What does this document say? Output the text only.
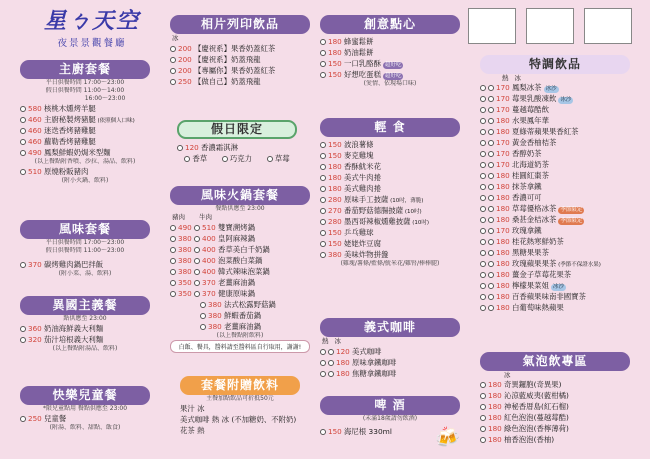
星ㄅ天空
夜景景觀餐廳
主廚套餐
平日供餐時間 17:00〜23:00
假日供餐時間 11:00〜14:00
16:00〜23:00
580 核桃木燻烤羊腿
460 主廚秘製烤豬腿 (依照個人口味)
460 迷迭香烤豬雞腿
460 蘿勒香烤豬雞腿
490 鳳梨鮮蝦奶焗米型麵
(以上餐點附香噴、沙拉、湯品、飲料)
510 原燒粉販豬肉
(附小火鍋、飲料)
風味套餐
平日供餐時間 17:00〜23:00
假日供餐時間 11:00〜23:00
370 碳烤雞肉鍋巴拌飯
(附小菜、湯、飲料)
異國主義餐
點供應至 23:00
360 奶油海鮮義大利麵
320 茄汁培根義大利麵
(以上餐點附湯品、飲料)
快樂兒童餐
*限兒童點用 餐點供應至 23:00
250 兒童餐
(附湯、飲料、甜點、飯食)
相片列印飲品
冰
200 【慶祝系】果香奶蓋紅茶
200 【慶祝系】奶蓋飛龍
200 【專屬你】果香奶蓋紅茶
250 【做自己】奶蓋飛龍
假日限定
120 香濃霜淇淋
香草	巧克力	草莓
風味火鍋套餐
餐點供應至 23:00
豬肉 牛肉
490	510 雙寶溯烤鍋
380	400 皇阿麻辣鍋
380	400 香草美白千奶鍋
380	400 泡菜酸白菜鍋
380	400 韓式辣味泡菜鍋
350	370 老薑麻油鍋
350	370 健康原味鍋
380 法式松露野菇鍋
380 鮮蝦番茄鍋
380 老薑麻油鍋
(以上餐點附飲料)
白飯、餐具，醬料請至醬料區自行取用，謝謝!
套餐附贈飲料
主餐加點飲品可折抵50元
果汁 冰
美式咖啡 熱 冰 (不加糖奶、不附奶)
花茶 熱
創意點心
180 蜂蜜鬆餅
180 奶油鬆餅
150 一口乳酪酥 超好吃
150 好想吃蛋糕 超好吃
(愛情、依現場口味)
輕 食
150 波浪薯條
150 麥克雞塊
180 香酥魷米花
180 美式牛肉捲
180 美式雞肉捲
280 原味手工披薩 (10吋，薄脆)
270 番茄野菇德腸披薩 (10吋)
280 墨西哥辣椒燻雞披薩 (10吋)
150 乒乓雞球
150 姥姥炸豆腐
380 美味炸物拼盤
(雞塊/薯條/藍條/魷米花/雞腎/棒棒腿)
義式咖啡
熱 冰
120 美式咖啡
180 原味拿鐵咖啡
180 焦糖拿鐵咖啡
啤 酒
(未滿18歲請勿飲酒)
150 海尼根 330ml	🍻
特調飲品
熱 冰
170 鳳梨冰茶 冰沙
170 莓果乳酸凍飲 冰沙
170 蔓越莓酷飲
180 水果鳳年華
180 夏綠蒂蘋果果香紅茶
170 黃金香柚桔茶
170 香醇奶茶
170 北海道奶茶
180 桂圓紅棗茶
180 抹茶拿鐵
180 香濃可可
180 草莓優格冰茶 季節限定
180 桑甚金桔冰茶 季節限定
170 玫瑰拿鐵
180 桂花熱寒鮮奶茶
180 黑糖果果茶
180 玫瑰蘋果果茶 (季節不保證水果)
180 薑金子草莓花果茶
180 檸檬果菜姐 冰沙
180 百香蘋果味南非國寶茶
180 白葡萄味熱蘋果
氣泡飲專區
冰
180 奇異鑼胞(奇異果)
180 沁涼藍威夷(藍柑橘)
180 神秘香厝島(紅石榴)
180 紅色泡泡(蔓越莓酷)
180 綠色泡泡(香檸薄荷)
180 柚香泡泡(香柚)
